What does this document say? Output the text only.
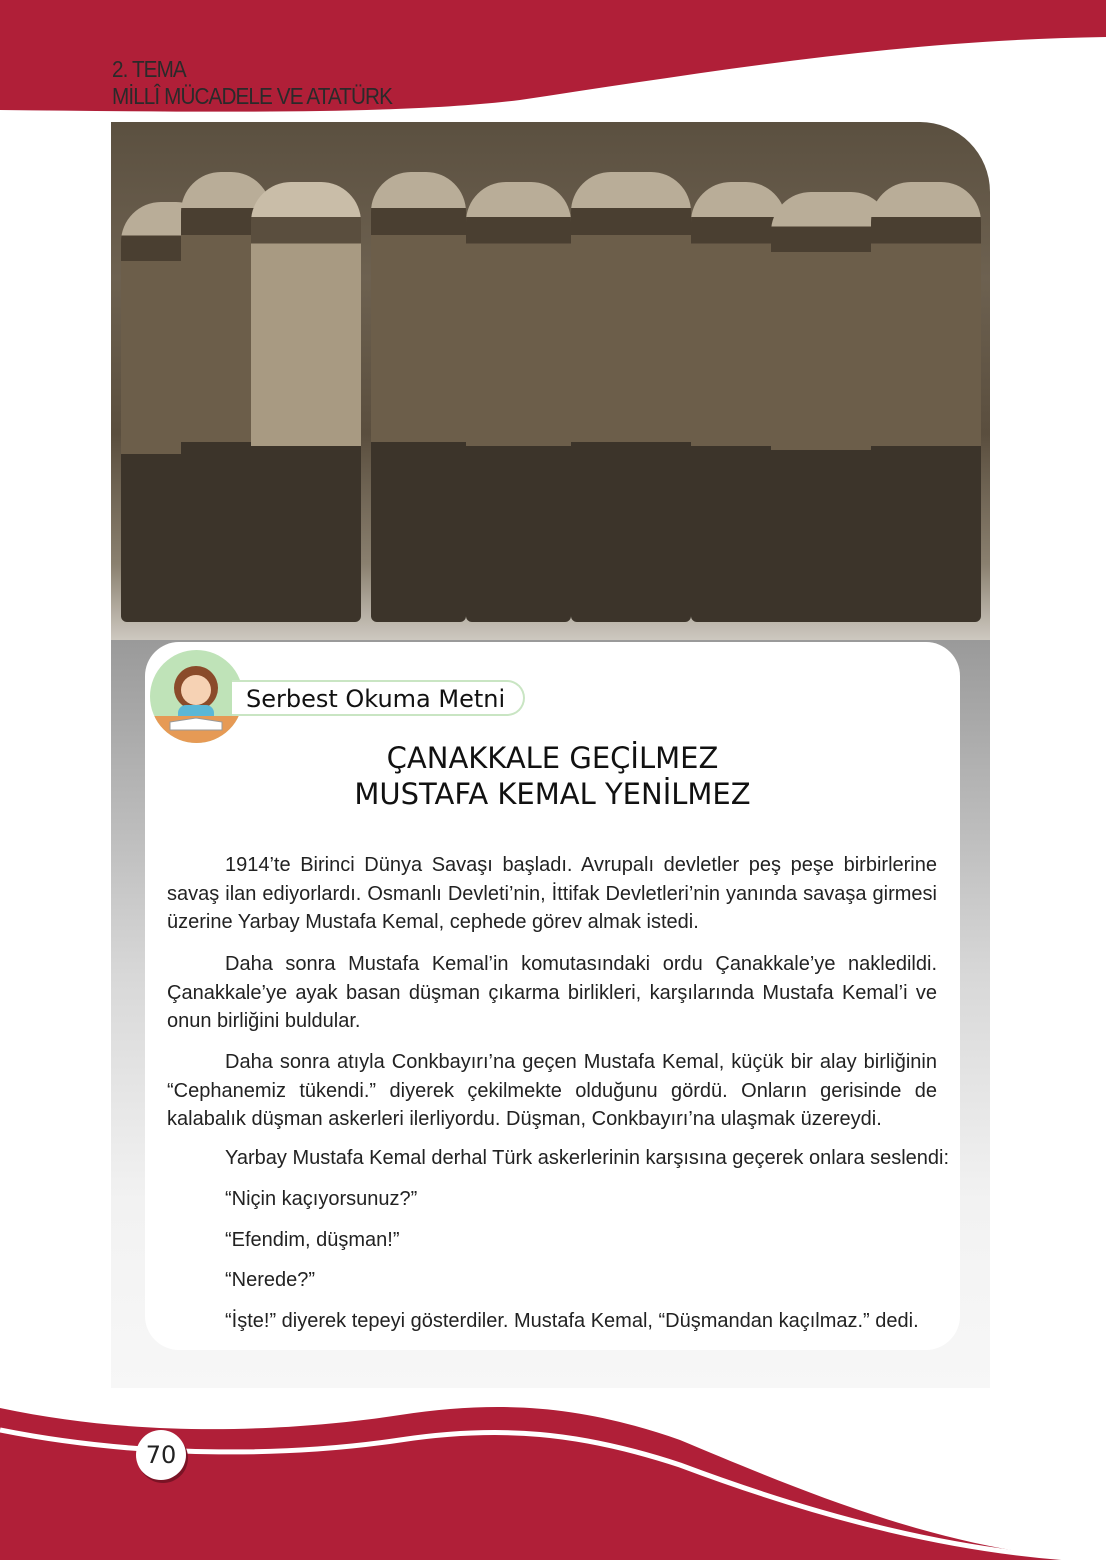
2. TEMA
MİLLÎ MÜCADELE VE ATATÜRK
Serbest Okuma Metni
ÇANAKKALE GEÇİLMEZ
MUSTAFA KEMAL YENİLMEZ

1914’te Birinci Dünya Savaşı başladı. Avrupalı devletler peş peşe birbirlerine savaş ilan ediyorlardı. Osmanlı Devleti’nin, İttifak Devletleri’nin yanında savaşa girmesi üzerine Yarbay Mustafa Kemal, cephede görev almak istedi.

Daha sonra Mustafa Kemal’in komutasındaki ordu Çanakkale’ye nakledildi. Çanakkale’ye ayak basan düşman çıkarma birlikleri, karşılarında Mustafa Kemal’i ve onun birliğini buldular.

Daha sonra atıyla Conkbayırı’na geçen Mustafa Kemal, küçük bir alay birliğinin “Cephanemiz tükendi.” diyerek çekilmekte olduğunu gördü. Onların gerisinde de kalabalık düşman askerleri ilerliyordu. Düşman, Conkbayırı’na ulaşmak üzereydi.

Yarbay Mustafa Kemal derhal Türk askerlerinin karşısına geçerek onlara seslendi:
“Niçin kaçıyorsunuz?”
“Efendim, düşman!”
“Nerede?”
“İşte!” diyerek tepeyi gösterdiler. Mustafa Kemal, “Düşmandan kaçılmaz.” dedi.
70
